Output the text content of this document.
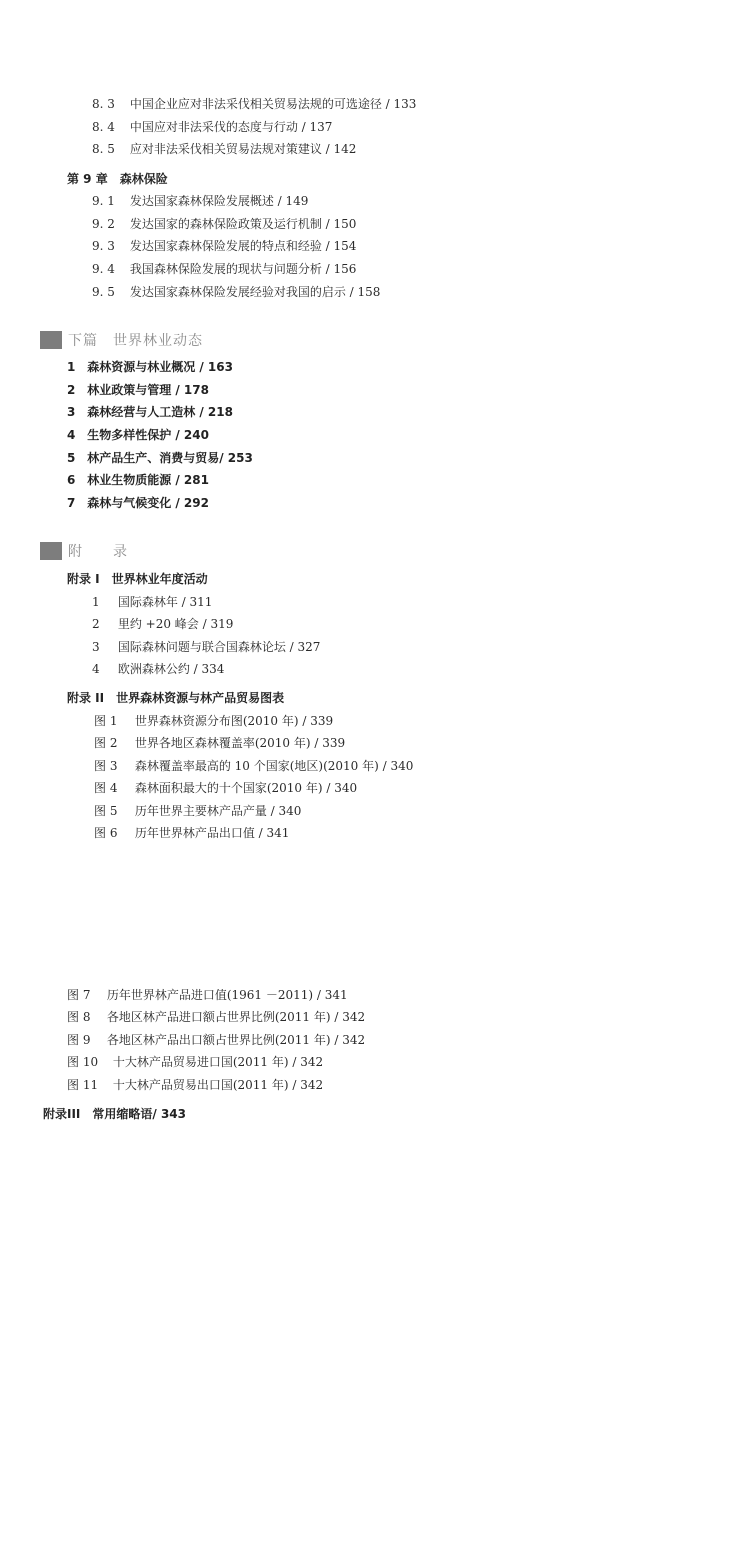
8. 3 中国企业应对非法采伐相关贸易法规的可选途径 / 133
8. 4 中国应对非法采伐的态度与行动 / 137
8. 5 应对非法采伐相关贸易法规对策建议 / 142
第 9 章　森林保险
9. 1 发达国家森林保险发展概述 / 149
9. 2 发达国家的森林保险政策及运行机制 / 150
9. 3 发达国家森林保险发展的特点和经验 / 154
9. 4 我国森林保险发展的现状与问题分析 / 156
9. 5 发达国家森林保险发展经验对我国的启示 / 158
下篇　世界林业动态
1 森林资源与林业概况 / 163
2 林业政策与管理 / 178
3 森林经营与人工造林 / 218
4 生物多样性保护 / 240
5 林产品生产、消费与贸易/ 253
6 林业生物质能源 / 281
7 森林与气候变化 / 292
附　　录
附录 I　世界林业年度活动
1 国际森林年 / 311
2 里约 +20 峰会 / 319
3 国际森林问题与联合国森林论坛 / 327
4 欧洲森林公约 / 334
附录 II　世界森林资源与林产品贸易图表
图 1 世界森林资源分布图(2010 年) / 339
图 2 世界各地区森林覆盖率(2010 年) / 339
图 3 森林覆盖率最高的 10 个国家(地区)(2010 年) / 340
图 4 森林面积最大的十个国家(2010 年) / 340
图 5 历年世界主要林产品产量 / 340
图 6 历年世界林产品出口值 / 341
图 7 历年世界林产品进口值(1961 －2011) / 341
图 8 各地区林产品进口额占世界比例(2011 年) / 342
图 9 各地区林产品出口额占世界比例(2011 年) / 342
图 10 十大林产品贸易进口国(2011 年) / 342
图 11 十大林产品贸易出口国(2011 年) / 342
附录III　常用缩略语/ 343
